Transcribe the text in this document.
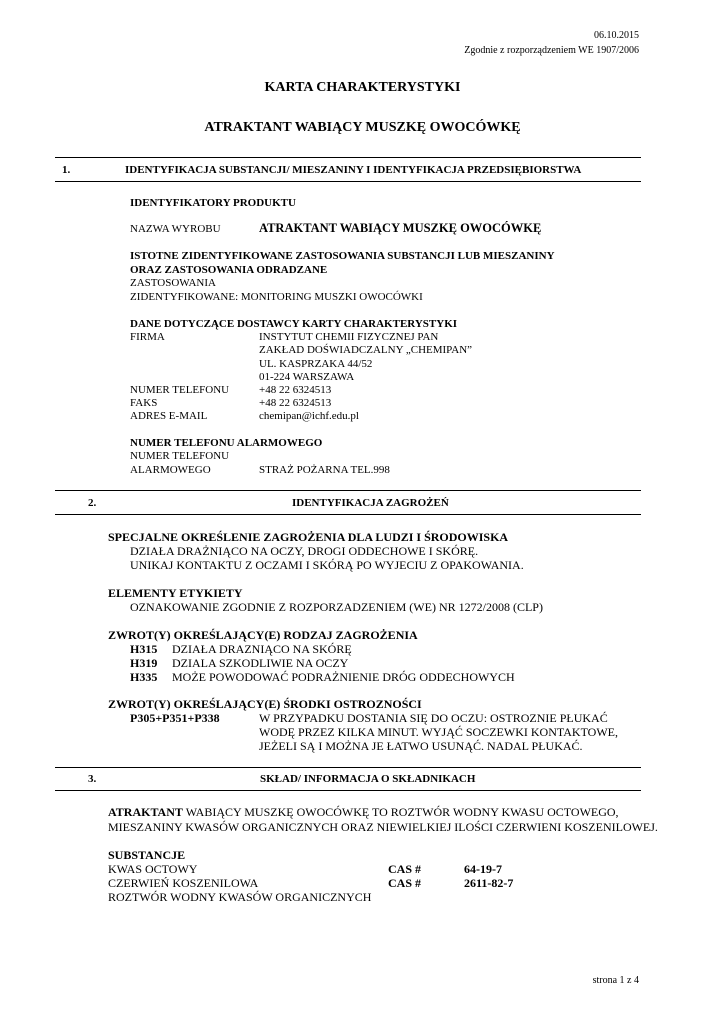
06.10.2015
Zgodnie z rozporządzeniem WE 1907/2006
KARTA CHARAKTERYSTYKI
ATRAKTANT WABIĄCY MUSZKĘ OWOCÓWKĘ
1.	IDENTYFIKACJA SUBSTANCJI/ MIESZANINY I IDENTYFIKACJA PRZEDSIĘBIORSTWA
IDENTYFIKATORY PRODUKTU
NAZWA WYROBU	ATRAKTANT WABIĄCY MUSZKĘ OWOCÓWKĘ
ISTOTNE ZIDENTYFIKOWANE ZASTOSOWANIA SUBSTANCJI LUB MIESZANINY
ORAZ ZASTOSOWANIA ODRADZANE
ZASTOSOWANIA
ZIDENTYFIKOWANE: MONITORING MUSZKI OWOCÓWKI
DANE DOTYCZĄCE DOSTAWCY KARTY CHARAKTERYSTYKI
FIRMA	INSTYTUT CHEMII FIZYCZNEJ PAN
ZAKŁAD DOŚWIADCZALNY „CHEMIPAN”
UL. KASPRZAKA 44/52
01-224 WARSZAWA
NUMER TELEFONU	+48 22 6324513
FAKS	+48 22 6324513
ADRES E-MAIL	chemipan@ichf.edu.pl
NUMER TELEFONU ALARMOWEGO
NUMER TELEFONU
ALARMOWEGO	STRAŻ POŻARNA TEL.998
2.	IDENTYFIKACJA ZAGROŻEŃ
SPECJALNE OKREŚLENIE ZAGROŻENIA DLA LUDZI I ŚRODOWISKA
DZIAŁA DRAŻNIĄCO NA OCZY, DROGI ODDECHOWE I SKÓRĘ.
UNIKAJ KONTAKTU Z OCZAMI I SKÓRĄ PO WYJECIU Z OPAKOWANIA.
ELEMENTY ETYKIETY
OZNAKOWANIE ZGODNIE Z ROZPORZADZENIEM (WE) NR 1272/2008 (CLP)
ZWROT(Y) OKREŚLAJĄCY(E) RODZAJ ZAGROŻENIA
H315 DZIAŁA DRAZNIĄCO NA SKÓRĘ
H319 DZIALA SZKODLIWIE NA OCZY
H335 MOŻE POWODOWAĆ PODRAŻNIENIE DRÓG ODDECHOWYCH
ZWROT(Y) OKREŚLAJĄCY(E) ŚRODKI OSTROZNOŚCI
P305+P351+P338	W PRZYPADKU DOSTANIA SIĘ DO OCZU: OSTROZNIE PŁUKAĆ
WODĘ PRZEZ KILKA MINUT. WYJĄĆ SOCZEWKI KONTAKTOWE,
JEŻELI SĄ I MOŻNA JE ŁATWO USUNĄĆ. NADAL PŁUKAĆ.
3.	SKŁAD/ INFORMACJA O SKŁADNIKACH
ATRAKTANT WABIĄCY MUSZKĘ OWOCÓWKĘ TO ROZTWÓR WODNY KWASU OCTOWEGO,
MIESZANINY KWASÓW ORGANICZNYCH ORAZ NIEWIELKIEJ ILOŚCI CZERWIENI KOSZENILOWEJ.
SUBSTANCJE
KWAS OCTOWY	CAS #	64-19-7
CZERWIEŃ KOSZENILOWA	CAS #	2611-82-7
ROZTWÓR WODNY KWASÓW ORGANICZNYCH
strona 1 z 4
